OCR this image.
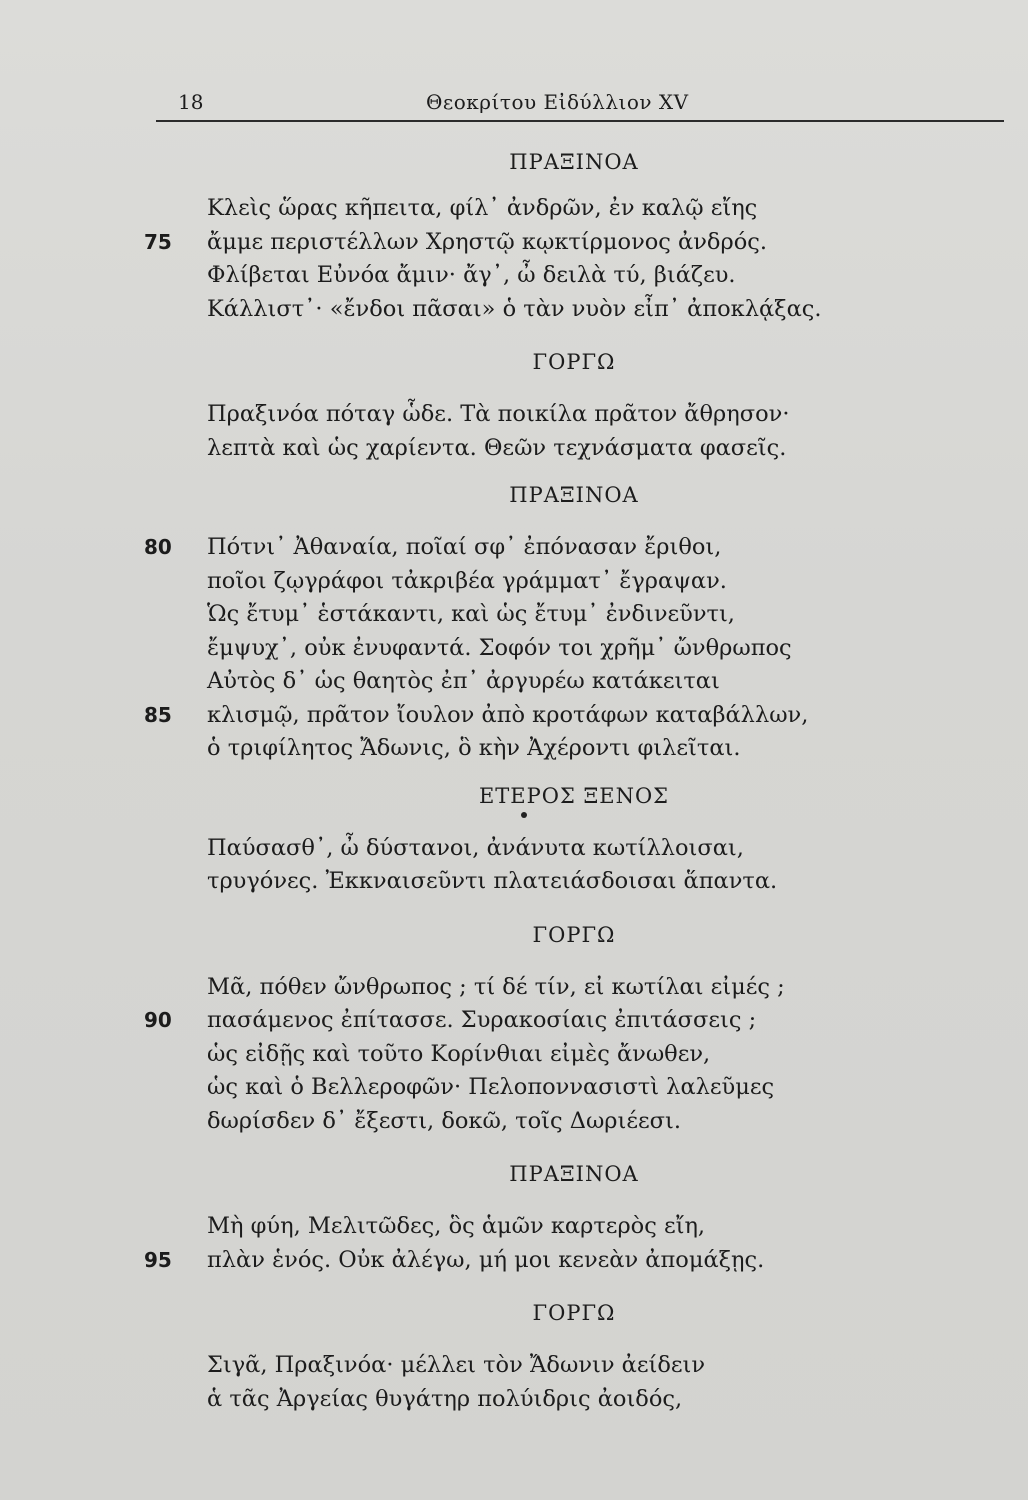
18	Θεοκρίτου Εἰδύλλιον XV
ΠΡΑΞΙΝΟΑ
Κλεὶς ὥρας κῆπειτα, φίλ᾽ ἀνδρῶν, ἐν καλῷ εἴης
75 ἄμμε περιστέλλων Χρηστῷ κῳκτίρμονος ἀνδρός.
Φλίβεται Εὐνόα ἄμιν· ἄγ᾽, ὦ δειλὰ τύ, βιάζευ.
Κάλλιστ᾽· «ἔνδοι πᾶσαι» ὁ τὰν νυὸν εἶπ᾽ ἀποκλᾴξας.
ΓΟΡΓΩ
Πραξινόα πόταγ ὧδε. Τὰ ποικίλα πρᾶτον ἄθρησον·
λεπτὰ καὶ ὡς χαρίεντα. Θεῶν τεχνάσματα φασεῖς.
ΠΡΑΞΙΝΟΑ
80 Πότνι᾽ Ἀθαναία, ποῖαί σφ᾽ ἐπόνασαν ἔριθοι,
ποῖοι ζῳγράφοι τἀκριβέα γράμματ᾽ ἔγραψαν.
Ὡς ἔτυμ᾽ ἑστάκαντι, καὶ ὡς ἔτυμ᾽ ἐνδινεῦντι,
ἔμψυχ᾽, οὐκ ἐνυφαντά. Σοφόν τοι χρῆμ᾽ ὤνθρωπος
Αὐτὸς δ᾽ ὡς θαητὸς ἐπ᾽ ἀργυρέω κατάκειται
85 κλισμῷ, πρᾶτον ἴουλον ἀπὸ κροτάφων καταβάλλων,
ὁ τριφίλητος Ἄδωνις, ὃ κὴν Ἀχέροντι φιλεῖται.
ΕΤΕΡΟΣ ΞΕΝΟΣ
Παύσασθ᾽, ὦ δύστανοι, ἀνάνυτα κωτίλλοισαι,
τρυγόνες. Ἐκκναισεῦντι πλατειάσδοισαι ἅπαντα.
ΓΟΡΓΩ
Μᾶ, πόθεν ὤνθρωπος ; τί δέ τίν, εἰ κωτίλαι εἰμές ;
90 πασάμενος ἐπίτασσε. Συρακοσίαις ἐπιτάσσεις ;
ὡς εἰδῇς καὶ τοῦτο Κορίνθιαι εἰμὲς ἄνωθεν,
ὡς καὶ ὁ Βελλεροφῶν· Πελοποννασιστὶ λαλεῦμες
δωρίσδεν δ᾽ ἔξεστι, δοκῶ, τοῖς Δωριέεσι.
ΠΡΑΞΙΝΟΑ
Μὴ φύη, Μελιτῶδες, ὃς ἁμῶν καρτερὸς εἴη,
95 πλὰν ἑνός. Οὐκ ἀλέγω, μή μοι κενεὰν ἀπομάξῃς.
ΓΟΡΓΩ
Σιγᾶ, Πραξινόα· μέλλει τὸν Ἄδωνιν ἀείδειν
ἁ τᾶς Ἀργείας θυγάτηρ πολύιδρις ἀοιδός,
